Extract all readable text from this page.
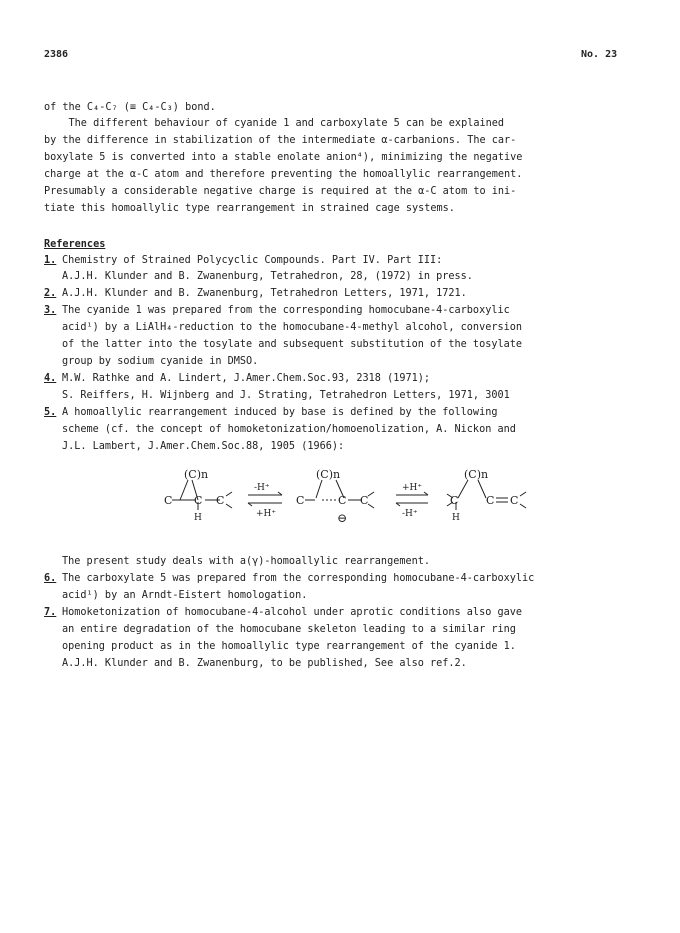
2386	No. 23
of the C₄-C₇ (≡ C₄-C₃) bond.
The different behaviour of cyanide 1 and carboxylate 5 can be explained
by the difference in stabilization of the intermediate α-carbanions. The car-
boxylate 5 is converted into a stable enolate anion⁴), minimizing the negative
charge at the α-C atom and therefore preventing the homoallylic rearrangement.
Presumably a considerable negative charge is required at the α-C atom to ini-
tiate this homoallylic type rearrangement in strained cage systems.
References
1. Chemistry of Strained Polycyclic Compounds. Part IV. Part III:
A.J.H. Klunder and B. Zwanenburg, Tetrahedron, 28, (1972) in press.
2. A.J.H. Klunder and B. Zwanenburg, Tetrahedron Letters, 1971, 1721.
3. The cyanide 1 was prepared from the corresponding homocubane-4-carboxylic
acid¹) by a LiAlH₄-reduction to the homocubane-4-methyl alcohol, conversion
of the latter into the tosylate and subsequent substitution of the tosylate
group by sodium cyanide in DMSO.
4. M.W. Rathke and A. Lindert, J.Amer.Chem.Soc.93, 2318 (1971);
S. Reiffers, H. Wijnberg and J. Strating, Tetrahedron Letters, 1971, 3001
5. A homoallylic rearrangement induced by base is defined by the following
scheme (cf. the concept of homoketonization/homoenolization, A. Nickon and
J.L. Lambert, J.Amer.Chem.Soc.88, 1905 (1966):
(C)n
C C C
H
-H⁺
+H⁺
(C)n
C	C C
⊖
+H⁺
-H⁺
(C)n
C	C C
H
The present study deals with a(γ)-homoallylic rearrangement.
6. The carboxylate 5 was prepared from the corresponding homocubane-4-carboxylic
acid¹) by an Arndt-Eistert homologation.
7. Homoketonization of homocubane-4-alcohol under aprotic conditions also gave
an entire degradation of the homocubane skeleton leading to a similar ring
opening product as in the homoallylic type rearrangement of the cyanide 1.
A.J.H. Klunder and B. Zwanenburg, to be published, See also ref.2.
